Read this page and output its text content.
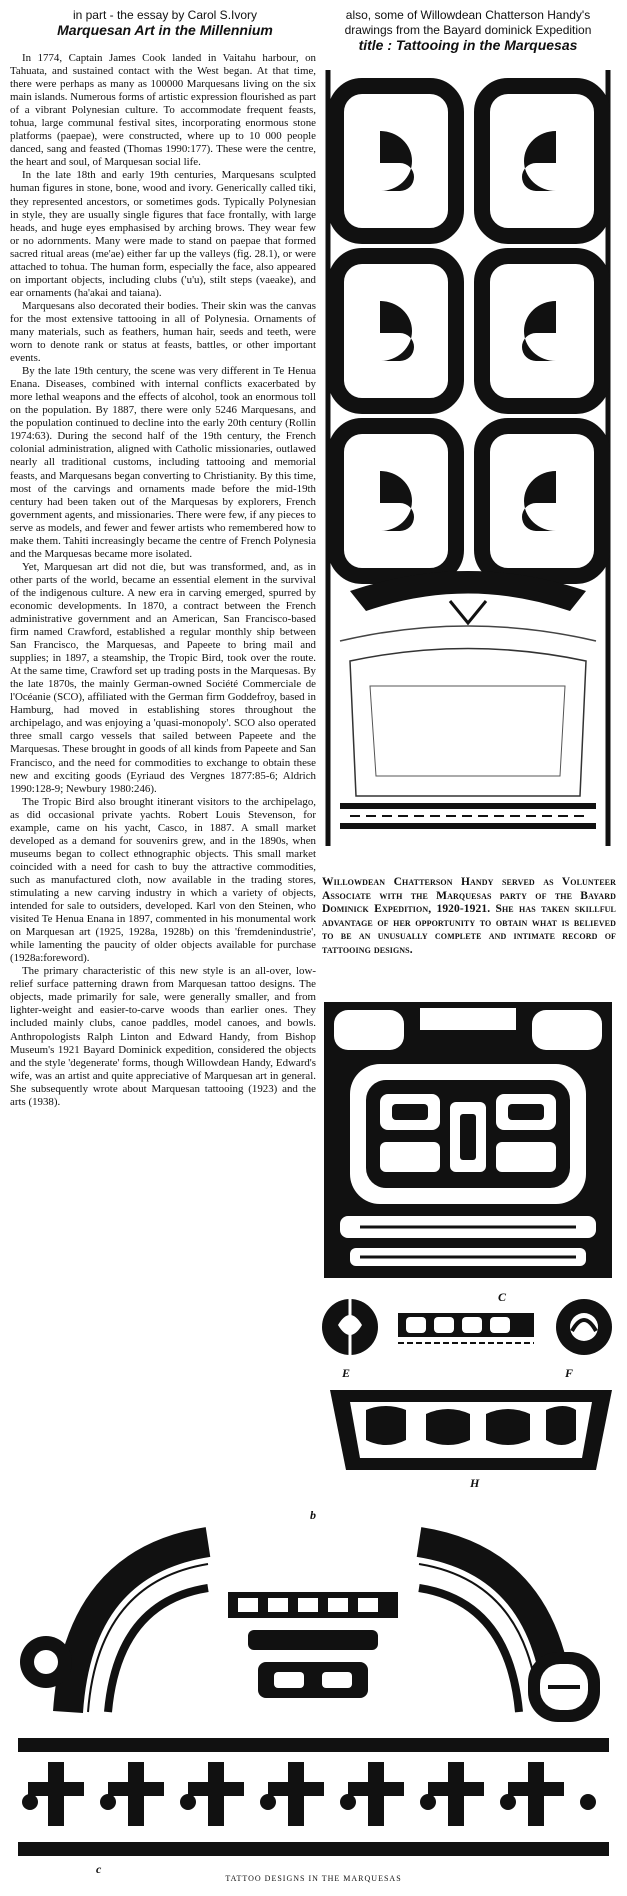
in part - the essay by Carol S.Ivory
Marquesan Art in the Millennium
also, some of Willowdean Chatterson Handy's
drawings from the Bayard dominick Expedition
title : Tattooing in the Marquesas

In 1774, Captain James Cook landed in Vaitahu harbour, on Tahuata, and sustained contact with the West began. At that time, there were perhaps as many as 100000 Marquesans living on the six main islands. Numerous forms of artistic expression flourished as part of a vibrant Polynesian culture. To accommodate frequent feasts, tohua, large communal festival sites, incorporating enormous stone platforms (paepae), were constructed, where up to 10 000 people danced, sang and feasted (Thomas 1990:177). These were the centre, the heart and soul, of Marquesan social life.

In the late 18th and early 19th centuries, Marquesans sculpted human figures in stone, bone, wood and ivory. Generically called tiki, they represented ancestors, or sometimes gods. Typically Polynesian in style, they are usually single figures that face frontally, with large heads, and huge eyes emphasised by arching brows. They wear few or no adornments. Many were made to stand on paepae that formed sacred ritual areas (me'ae) either far up the valleys (fig. 28.1), or were attached to tohua. The human form, especially the face, also appeared on important objects, including clubs ('u'u), stilt steps (vaeake), and ear ornaments (ha'akai and taiana).

Marquesans also decorated their bodies. Their skin was the canvas for the most extensive tattooing in all of Polynesia. Ornaments of many materials, such as feathers, human hair, seeds and teeth, were worn to denote rank or status at feasts, battles, or other important events.

By the late 19th century, the scene was very different in Te Henua Enana. Diseases, combined with internal conflicts exacerbated by more lethal weapons and the effects of alcohol, took an enormous toll on the population. By 1887, there were only 5246 Marquesans, and the population continued to decline into the early 20th century (Rollin 1974:63). During the second half of the 19th century, the French colonial administration, aligned with Catholic missionaries, outlawed nearly all traditional customs, including tattooing and memorial feasts, and Marquesans began converting to Christianity. By this time, most of the carvings and ornaments made before the mid-19th century had been taken out of the Marquesas by explorers, French government agents, and missionaries. There were few, if any pieces to serve as models, and fewer and fewer artists who remembered how to make them. Tahiti increasingly became the centre of French Polynesia and the Marquesas became more isolated.

Yet, Marquesan art did not die, but was transformed, and, as in other parts of the world, became an essential element in the survival of the indigenous culture. A new era in carving emerged, spurred by economic developments. In 1870, a contract between the French administrative government and an American, San Francisco-based firm named Crawford, established a regular monthly ship between San Francisco, the Marquesas, and Papeete to bring mail and supplies; in 1897, a steamship, the Tropic Bird, took over the route. At the same time, Crawford set up trading posts in the Marquesas. By the late 1870s, the mainly German-owned Société Commerciale de l'Océanie (SCO), affiliated with the German firm Goddefroy, based in Hamburg, had moved in establishing stores throughout the archipelago, and was enjoying a 'quasi-monopoly'. SCO also operated three small cargo vessels that sailed between Papeete and the Marquesas. These brought in goods of all kinds from Papeete and San Francisco, and the need for commodities to exchange to obtain these new and exciting goods (Eyriaud des Vergnes 1877:85-6; Aldrich 1990:128-9; Newbury 1980:246).

The Tropic Bird also brought itinerant visitors to the archipelago, as did occasional private yachts. Robert Louis Stevenson, for example, came on his yacht, Casco, in 1887. A small market developed as a demand for souvenirs grew, and in the 1890s, when museums began to collect ethnographic objects. This small market coincided with a need for cash to buy the attractive commodities, such as manufactured cloth, now available in the trading stores, stimulating a new carving industry in which a variety of objects, intended for sale to outsiders, developed. Karl von den Steinen, who visited Te Henua Enana in 1897, commented in his monumental work on Marquesan art (1925, 1928a, 1928b) on this 'fremdenindustrie', while lamenting the paucity of older objects available for purchase (1928a:foreword).

The primary characteristic of this new style is an all-over, low-relief surface patterning drawn from Marquesan tattoo designs. The objects, made primarily for sale, were generally smaller, and from lighter-weight and easier-to-carve woods than earlier ones. They included mainly clubs, canoe paddles, model canoes, and bowls. Anthropologists Ralph Linton and Edward Handy, from Bishop Museum's 1921 Bayard Dominick expedition, considered the objects and the style 'degenerate' forms, though Willowdean Handy, Edward's wife, was an artist and quite appreciative of Marquesan art in general. She subsequently wrote about Marquesan tattooing (1923) and the arts (1938).

Willowdean Chatterson Handy served as Volunteer Associate with the Marquesas party of the Bayard Dominick Expedition, 1920-1921. She has taken skillful advantage of her opportunity to obtain what is believed to be an unusually complete and intimate record of tattooing designs.
C
E	F
H
b
c
TATTOO DESIGNS IN THE MARQUESAS
